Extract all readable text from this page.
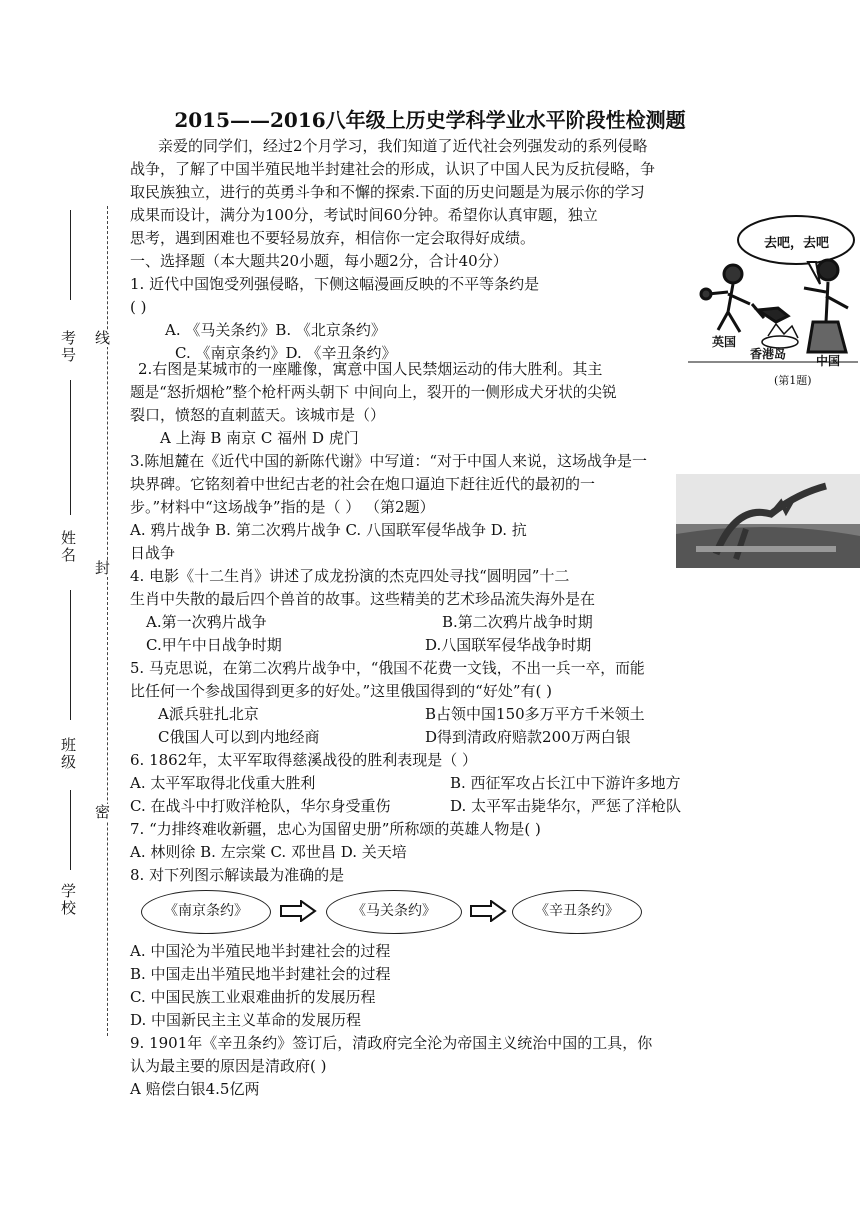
考号
姓名
班级
学校
线
封
密
2015——2016八年级上历史学科学业水平阶段性检测题
亲爱的同学们，经过2个月学习，我们知道了近代社会列强发动的系列侵略
战争，了解了中国半殖民地半封建社会的形成，认识了中国人民为反抗侵略，争
取民族独立，进行的英勇斗争和不懈的探索.下面的历史问题是为展示你的学习
成果而设计，满分为100分，考试时间60分钟。希望你认真审题，独立
思考，遇到困难也不要轻易放弃，相信你一定会取得好成绩。
一、选择题（本大题共20小题，每小题2分，合计40分）
1. 近代中国饱受列强侵略，下侧这幅漫画反映的不平等条约是
( )
A. 《马关条约》B. 《北京条约》
C. 《南京条约》D. 《辛丑条约》
去吧，去吧
英国
香港岛 中国
(第1题)
2.右图是某城市的一座雕像，寓意中国人民禁烟运动的伟大胜利。其主
题是“怒折烟枪”整个枪杆两头朝下 中间向上，裂开的一侧形成犬牙状的尖锐
裂口，愤怒的直刺蓝天。该城市是（）
A 上海 B 南京 C 福州 D 虎门
3.陈旭麓在《近代中国的新陈代谢》中写道：“对于中国人来说，这场战争是一
块界碑。它铭刻着中世纪古老的社会在炮口逼迫下赶往近代的最初的一
步。”材料中“这场战争”指的是（ ） （第2题）
A. 鸦片战争 B. 第二次鸦片战争 C. 八国联军侵华战争 D. 抗
日战争
4. 电影《十二生肖》讲述了成龙扮演的杰克四处寻找“圆明园”十二
生肖中失散的最后四个兽首的故事。这些精美的艺术珍品流失海外是在
A.第一次鸦片战争	B.第二次鸦片战争时期
C.甲午中日战争时期	D.八国联军侵华战争时期
5. 马克思说，在第二次鸦片战争中，“俄国不花费一文钱，不出一兵一卒，而能
比任何一个参战国得到更多的好处。”这里俄国得到的“好处”有( )
A派兵驻扎北京	B占领中国150多万平方千米领土
C俄国人可以到内地经商	D得到清政府赔款200万两白银
6. 1862年，太平军取得慈溪战役的胜利表现是（ ）
A. 太平军取得北伐重大胜利	B. 西征军攻占长江中下游许多地方
C. 在战斗中打败洋枪队，华尔身受重伤	D. 太平军击毙华尔，严惩了洋枪队
7. “力排终难收新疆，忠心为国留史册”所称颂的英雄人物是( )
A. 林则徐 B. 左宗棠 C. 邓世昌 D. 关天培
8. 对下列图示解读最为准确的是
《南京条约》	《马关条约》	《辛丑条约》
A. 中国沦为半殖民地半封建社会的过程
B. 中国走出半殖民地半封建社会的过程
C. 中国民族工业艰难曲折的发展历程
D. 中国新民主主义革命的发展历程
9. 1901年《辛丑条约》签订后，清政府完全沦为帝国主义统治中国的工具，你
认为最主要的原因是清政府( )
A 赔偿白银4.5亿两
